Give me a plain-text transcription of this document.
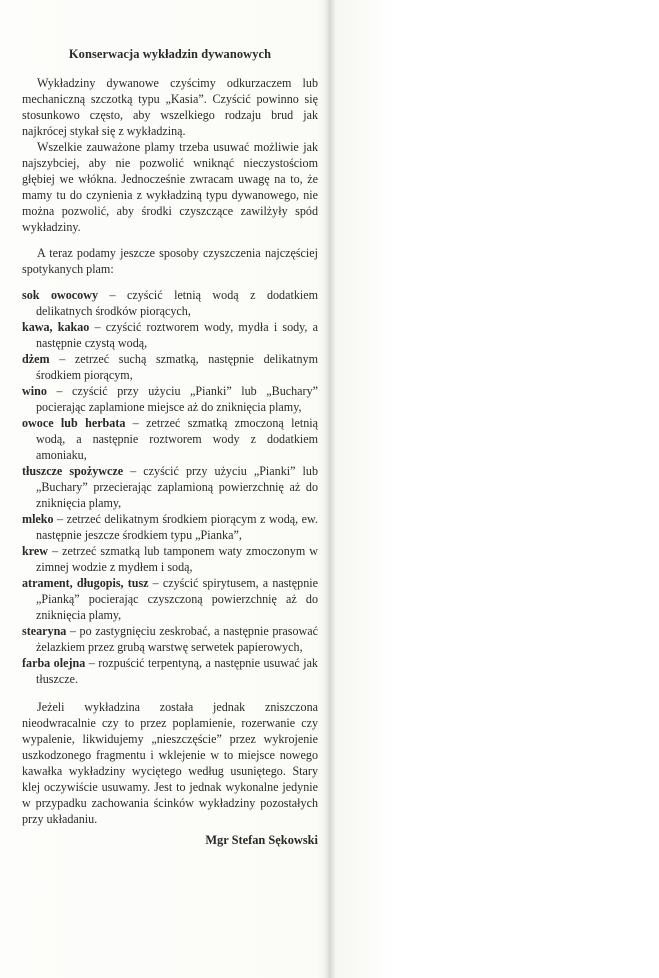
Konserwacja wykładzin dywanowych

Wykładziny dywanowe czyścimy odkurzaczem lub mechaniczną szczotką typu „Kasia”. Czyścić powinno się stosunkowo często, aby wszelkiego rodzaju brud jak najkrócej stykał się z wykładziną.

Wszelkie zauważone plamy trzeba usuwać możliwie jak najszybciej, aby nie pozwolić wniknąć nieczystościom głębiej we włókna. Jednocześnie zwracam uwagę na to, że mamy tu do czynienia z wykładziną typu dywanowego, nie można pozwolić, aby środki czyszczące zawilżyły spód wykładziny.

A teraz podamy jeszcze sposoby czyszczenia najczęściej spotykanych plam:

sok owocowy – czyścić letnią wodą z dodatkiem delikatnych środków piorących,
kawa, kakao – czyścić roztworem wody, mydła i sody, a następnie czystą wodą,
dżem – zetrzeć suchą szmatką, następnie delikatnym środkiem piorącym,
wino – czyścić przy użyciu „Pianki” lub „Buchary” pocierając zaplamione miejsce aż do zniknięcia plamy,
owoce lub herbata – zetrzeć szmatką zmoczoną letnią wodą, a następnie roztworem wody z dodatkiem amoniaku,
tłuszcze spożywcze – czyścić przy użyciu „Pianki” lub „Buchary” przecierając zaplamioną powierzchnię aż do zniknięcia plamy,
mleko – zetrzeć delikatnym środkiem piorącym z wodą, ew. następnie jeszcze środkiem typu „Pianka”,
krew – zetrzeć szmatką lub tamponem waty zmoczonym w zimnej wodzie z mydłem i sodą,
atrament, długopis, tusz – czyścić spirytusem, a następnie „Pianką” pocierając czyszczoną powierzchnię aż do zniknięcia plamy,
stearyna – po zastygnięciu zeskrobać, a następnie prasować żelazkiem przez grubą warstwę serwetek papierowych,
farba olejna – rozpuścić terpentyną, a następnie usuwać jak tłuszcze.

Jeżeli wykładzina została jednak zniszczona nieodwracalnie czy to przez poplamienie, rozerwanie czy wypalenie, likwidujemy „nieszczęście” przez wykrojenie uszkodzonego fragmentu i wklejenie w to miejsce nowego kawałka wykładziny wyciętego według usuniętego. Stary klej oczywiście usuwamy. Jest to jednak wykonalne jedynie w przypadku zachowania ścinków wykładziny pozostałych przy układaniu.

Mgr Stefan Sękowski
